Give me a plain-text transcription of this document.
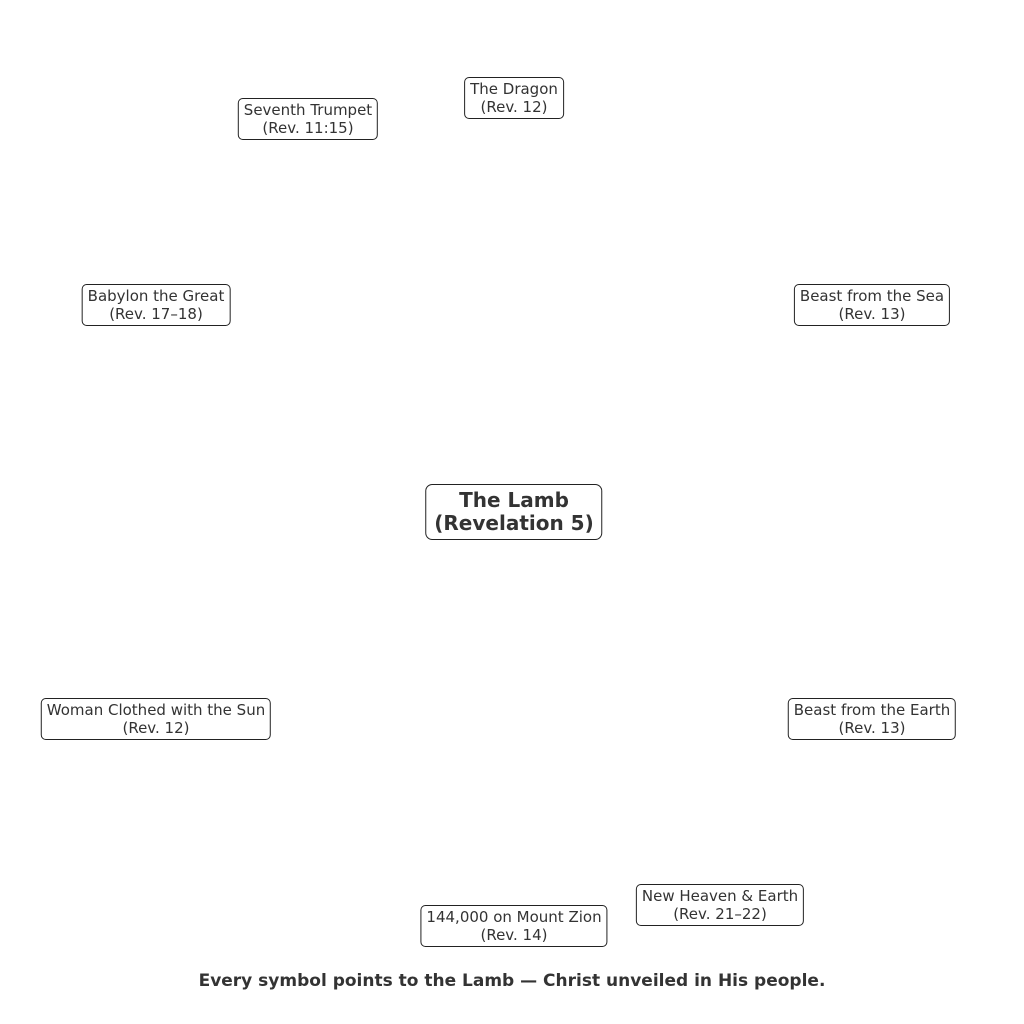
The Lamb
(Revelation 5)
The Dragon
(Rev. 12)
Seventh Trumpet
(Rev. 11:15)
Babylon the Great
(Rev. 17–18)
Beast from the Sea
(Rev. 13)
Woman Clothed with the Sun
(Rev. 12)
Beast from the Earth
(Rev. 13)
New Heaven & Earth
(Rev. 21–22)
144,000 on Mount Zion
(Rev. 14)
Every symbol points to the Lamb — Christ unveiled in His people.
